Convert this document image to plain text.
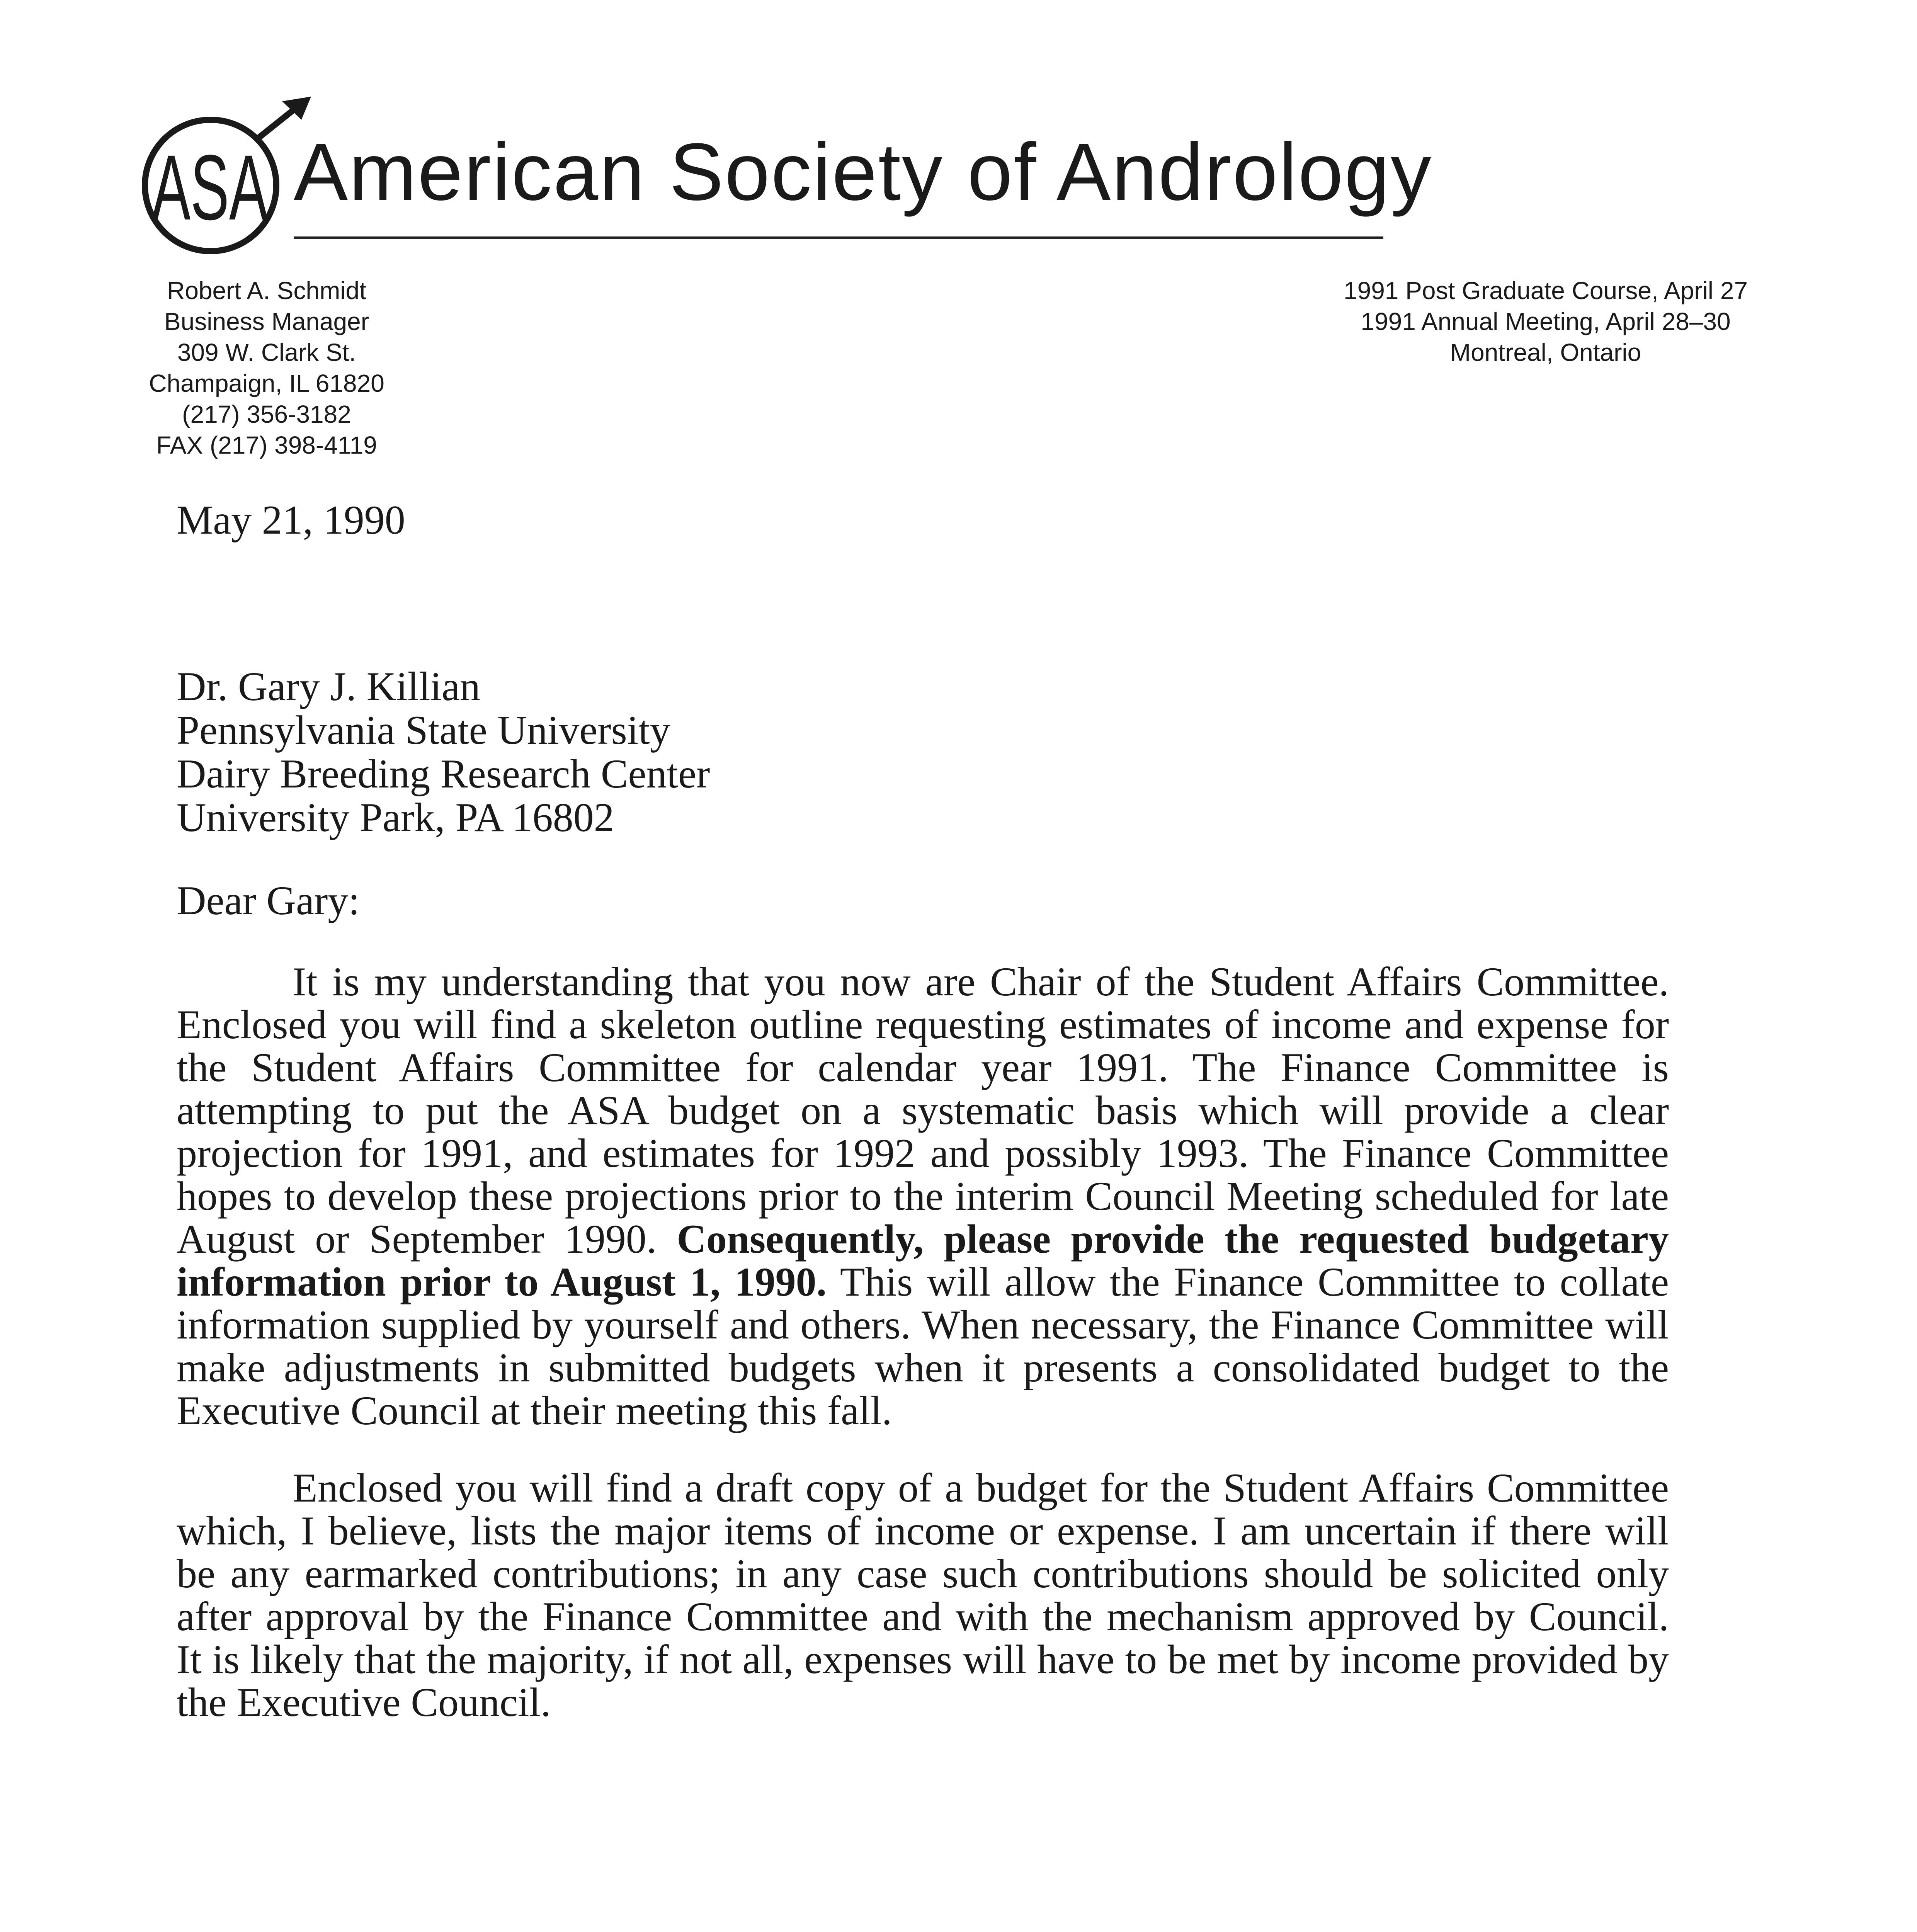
ASA American Society of Andrology
Robert A. Schmidt
Business Manager
309 W. Clark St.
Champaign, IL 61820
(217) 356-3182
FAX (217) 398-4119
1991 Post Graduate Course, April 27
1991 Annual Meeting, April 28–30
Montreal, Ontario
May 21, 1990
Dr. Gary J. Killian
Pennsylvania State University
Dairy Breeding Research Center
University Park, PA 16802
Dear Gary:
It is my understanding that you now are Chair of the Student Affairs Committee.
Enclosed you will find a skeleton outline requesting estimates of income and expense for
the Student Affairs Committee for calendar year 1991. The Finance Committee is
attempting to put the ASA budget on a systematic basis which will provide a clear
projection for 1991, and estimates for 1992 and possibly 1993. The Finance Committee
hopes to develop these projections prior to the interim Council Meeting scheduled for late
August or September 1990. Consequently, please provide the requested budgetary
information prior to August 1, 1990. This will allow the Finance Committee to collate
information supplied by yourself and others. When necessary, the Finance Committee will
make adjustments in submitted budgets when it presents a consolidated budget to the
Executive Council at their meeting this fall.
Enclosed you will find a draft copy of a budget for the Student Affairs Committee
which, I believe, lists the major items of income or expense. I am uncertain if there will
be any earmarked contributions; in any case such contributions should be solicited only
after approval by the Finance Committee and with the mechanism approved by Council.
It is likely that the majority, if not all, expenses will have to be met by income provided by
the Executive Council.
